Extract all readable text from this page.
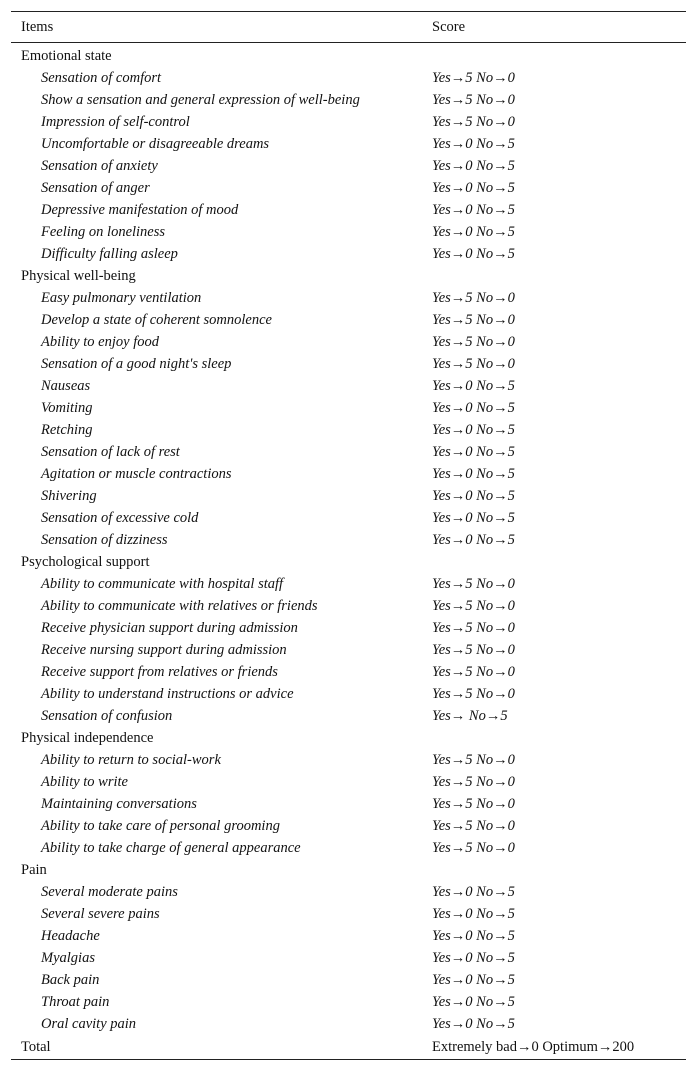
Items	Score
Emotional state
Sensation of comfort	Yes→5 No→0
Show a sensation and general expression of well-being	Yes→5 No→0
Impression of self-control	Yes→5 No→0
Uncomfortable or disagreeable dreams	Yes→0 No→5
Sensation of anxiety	Yes→0 No→5
Sensation of anger	Yes→0 No→5
Depressive manifestation of mood	Yes→0 No→5
Feeling on loneliness	Yes→0 No→5
Difficulty falling asleep	Yes→0 No→5
Physical well-being
Easy pulmonary ventilation	Yes→5 No→0
Develop a state of coherent somnolence	Yes→5 No→0
Ability to enjoy food	Yes→5 No→0
Sensation of a good night's sleep	Yes→5 No→0
Nauseas	Yes→0 No→5
Vomiting	Yes→0 No→5
Retching	Yes→0 No→5
Sensation of lack of rest	Yes→0 No→5
Agitation or muscle contractions	Yes→0 No→5
Shivering	Yes→0 No→5
Sensation of excessive cold	Yes→0 No→5
Sensation of dizziness	Yes→0 No→5
Psychological support
Ability to communicate with hospital staff	Yes→5 No→0
Ability to communicate with relatives or friends	Yes→5 No→0
Receive physician support during admission	Yes→5 No→0
Receive nursing support during admission	Yes→5 No→0
Receive support from relatives or friends	Yes→5 No→0
Ability to understand instructions or advice	Yes→5 No→0
Sensation of confusion	Yes→ No→5
Physical independence
Ability to return to social-work	Yes→5 No→0
Ability to write	Yes→5 No→0
Maintaining conversations	Yes→5 No→0
Ability to take care of personal grooming	Yes→5 No→0
Ability to take charge of general appearance	Yes→5 No→0
Pain
Several moderate pains	Yes→0 No→5
Several severe pains	Yes→0 No→5
Headache	Yes→0 No→5
Myalgias	Yes→0 No→5
Back pain	Yes→0 No→5
Throat pain	Yes→0 No→5
Oral cavity pain	Yes→0 No→5
Total	Extremely bad→0 Optimum→200
